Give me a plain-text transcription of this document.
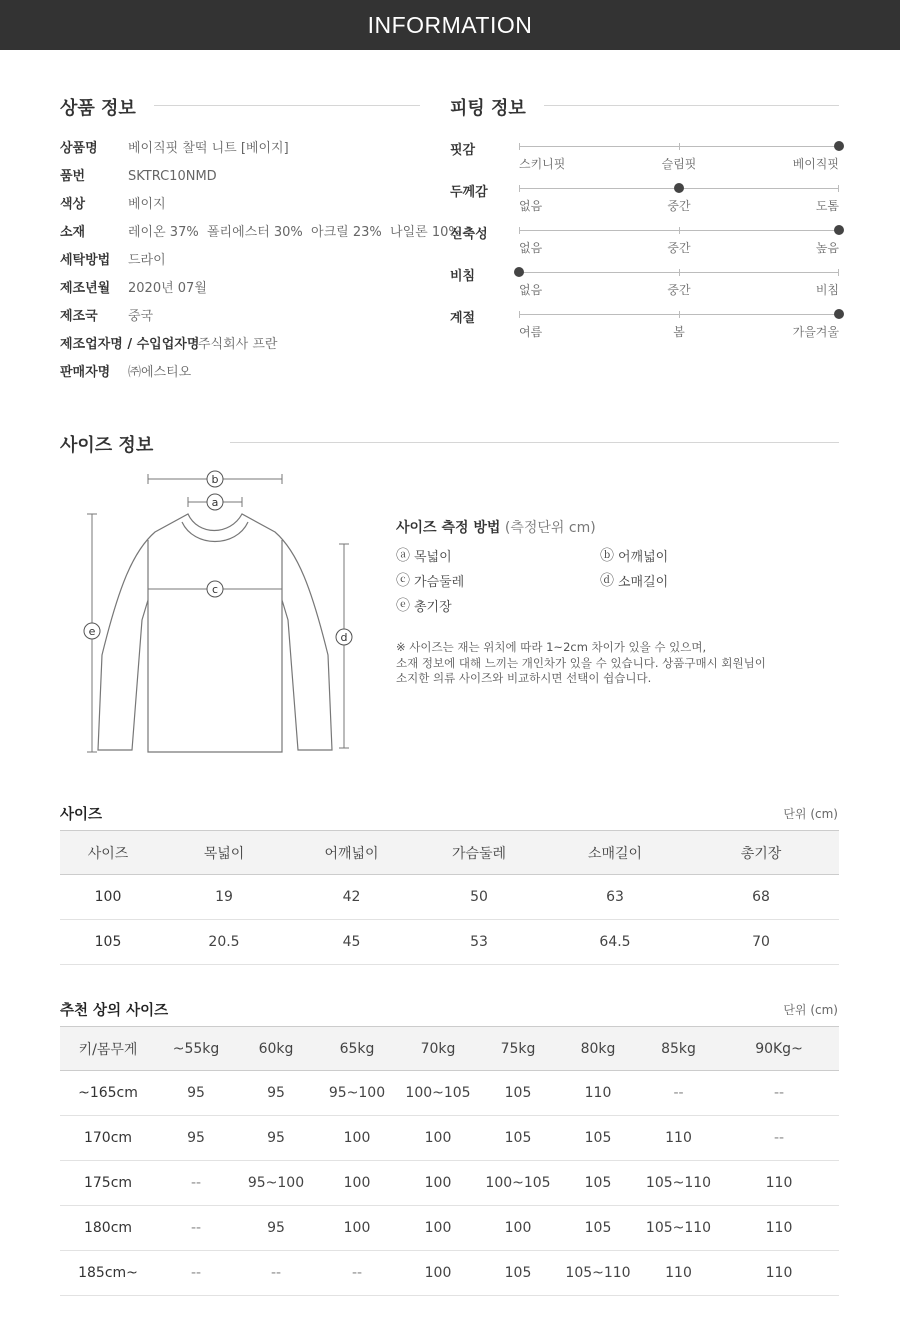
INFORMATION
상품 정보
상품명 베이직핏 찰떡 니트 [베이지]
품번	SKTRC10NMD
색상	베이지
소재	레이온 37%  폴리에스터 30%  아크릴 23%  나일론 10%
세탁방법 드라이
제조년월 2020년 07월
제조국 중국
제조업자명 / 수입업자명주식회사 프란
판매자명 ㈜에스티오
피팅 정보
핏감
스키니핏	슬림핏	베이직핏
두께감
없음	중간	도톰
신축성
없음	중간	높음
비침
없음	중간	비침
계절
여름	봄	가을겨울
사이즈 정보
b
a
c
e	d
사이즈 측정 방법 (측정단위 cm)
ⓐ 목넓이	ⓑ 어깨넓이
ⓒ 가슴둘레	ⓓ 소매길이
ⓔ 총기장
※ 사이즈는 재는 위치에 따라 1~2cm 차이가 있을 수 있으며,
소재 정보에 대해 느끼는 개인차가 있을 수 있습니다. 상품구매시 회원님이
소지한 의류 사이즈와 비교하시면 선택이 쉽습니다.
사이즈	단위 (cm)
사이즈	목넓이	어깨넓이	가슴둘레	소매길이	총기장
100	19	42	50	63	68
105	20.5	45	53	64.5	70
추천 상의 사이즈	단위 (cm)
키/몸무게	~55kg	60kg	65kg	70kg	75kg	80kg	85kg	90Kg~
~165cm	95	95	95~100	100~105	105	110	--	--
170cm	95	95	100	100	105	105	110	--
175cm	--	95~100	100	100	100~105	105	105~110	110
180cm	--	95	100	100	100	105	105~110	110
185cm~	--	--	--	100	105	105~110	110	110
